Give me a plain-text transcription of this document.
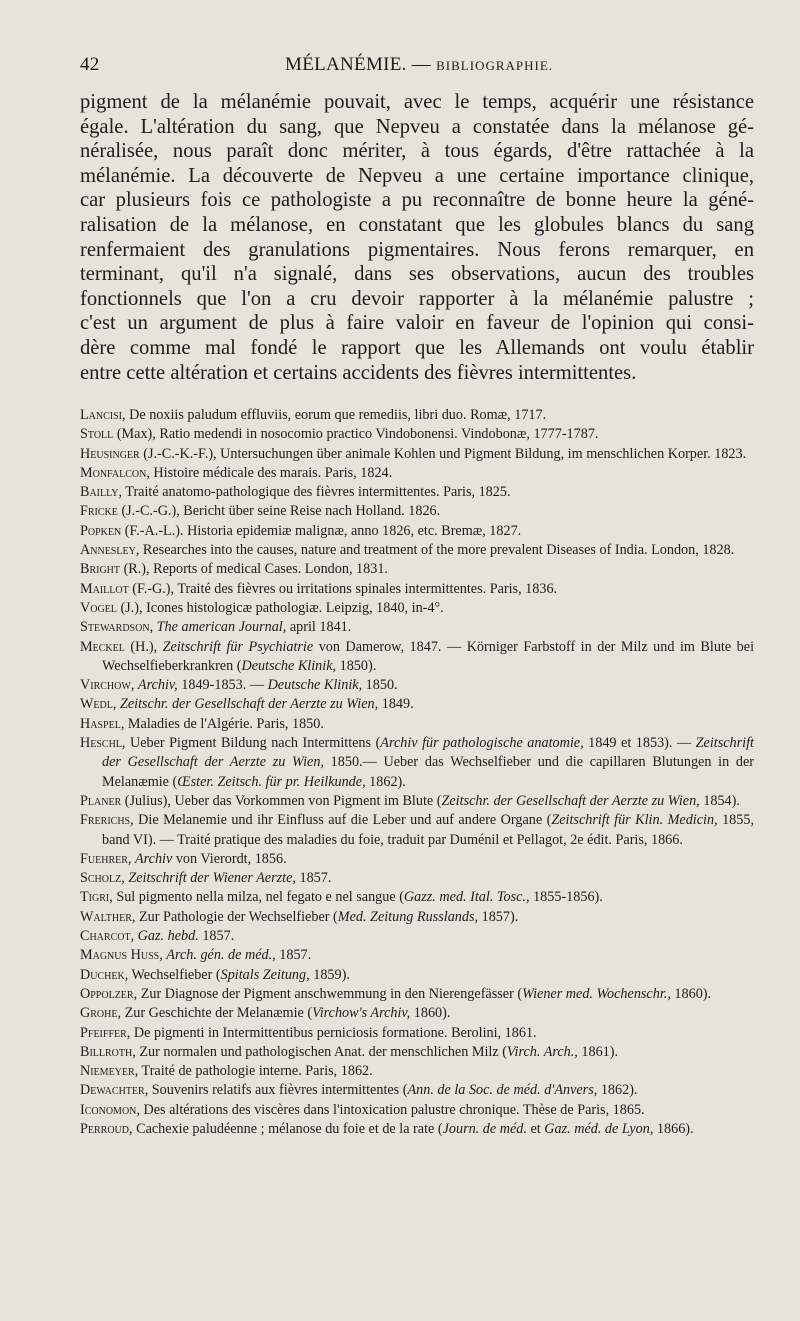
42	MÉLANÉMIE. — BIBLIOGRAPHIE.
pigment de la mélanémie pouvait, avec le temps, acquérir une résistance
égale. L'altération du sang, que Nepveu a constatée dans la mélanose gé-
néralisée, nous paraît donc mériter, à tous égards, d'être rattachée à la
mélanémie. La découverte de Nepveu a une certaine importance clinique,
car plusieurs fois ce pathologiste a pu reconnaître de bonne heure la géné-
ralisation de la mélanose, en constatant que les globules blancs du sang
renfermaient des granulations pigmentaires. Nous ferons remarquer, en
terminant, qu'il n'a signalé, dans ses observations, aucun des troubles
fonctionnels que l'on a cru devoir rapporter à la mélanémie palustre ;
c'est un argument de plus à faire valoir en faveur de l'opinion qui consi-
dère comme mal fondé le rapport que les Allemands ont voulu établir
entre cette altération et certains accidents des fièvres intermittentes.

Lancisi, De noxiis paludum effluviis, eorum que remediis, libri duo. Romæ, 1717.

Stoll (Max), Ratio medendi in nosocomio practico Vindobonensi. Vindobonæ, 1777-1787.

Heusinger (J.-C.-K.-F.), Untersuchungen über animale Kohlen und Pigment Bildung, im menschlichen Korper. 1823.

Monfalcon, Histoire médicale des marais. Paris, 1824.

Bailly, Traité anatomo-pathologique des fièvres intermittentes. Paris, 1825.

Fricke (J.-C.-G.), Bericht über seine Reise nach Holland. 1826.

Popken (F.-A.-L.). Historia epidemiæ malignæ, anno 1826, etc. Bremæ, 1827.

Annesley, Researches into the causes, nature and treatment of the more prevalent Diseases of India. London, 1828.

Bright (R.), Reports of medical Cases. London, 1831.

Maillot (F.-G.), Traité des fièvres ou irritations spinales intermittentes. Paris, 1836.

Vogel (J.), Icones histologicæ pathologiæ. Leipzig, 1840, in-4°.

Stewardson, The american Journal, april 1841.

Meckel (H.), Zeitschrift für Psychiatrie von Damerow, 1847. — Körniger Farbstoff in der Milz und im Blute bei Wechselfieberkrankren (Deutsche Klinik, 1850).

Virchow, Archiv, 1849-1853. — Deutsche Klinik, 1850.

Wedl, Zeitschr. der Gesellschaft der Aerzte zu Wien, 1849.

Haspel, Maladies de l'Algérie. Paris, 1850.

Heschl, Ueber Pigment Bildung nach Intermittens (Archiv für pathologische anatomie, 1849 et 1853). — Zeitschrift der Gesellschaft der Aerzte zu Wien, 1850.— Ueber das Wechselfieber und die capillaren Blutungen in der Melanæmie (Œster. Zeitsch. für pr. Heilkunde, 1862).

Planer (Julius), Ueber das Vorkommen von Pigment im Blute (Zeitschr. der Gesellschaft der Aerzte zu Wien, 1854).

Frerichs, Die Melanemie und ihr Einfluss auf die Leber und auf andere Organe (Zeitschrift für Klin. Medicin, 1855, band VI). — Traité pratique des maladies du foie, traduit par Duménil et Pellagot, 2e édit. Paris, 1866.

Fuehrer, Archiv von Vierordt, 1856.

Scholz, Zeitschrift der Wiener Aerzte, 1857.

Tigri, Sul pigmento nella milza, nel fegato e nel sangue (Gazz. med. Ital. Tosc., 1855-1856).

Walther, Zur Pathologie der Wechselfieber (Med. Zeitung Russlands, 1857).

Charcot, Gaz. hebd. 1857.

Magnus Huss, Arch. gén. de méd., 1857.

Duchek, Wechselfieber (Spitals Zeitung, 1859).

Oppolzer, Zur Diagnose der Pigment anschwemmung in den Nierengefässer (Wiener med. Wochenschr., 1860).

Grohe, Zur Geschichte der Melanæmie (Virchow's Archiv, 1860).

Pfeiffer, De pigmenti in Intermittentibus perniciosis formatione. Berolini, 1861.

Billroth, Zur normalen und pathologischen Anat. der menschlichen Milz (Virch. Arch., 1861).

Niemeyer, Traité de pathologie interne. Paris, 1862.

Dewachter, Souvenirs relatifs aux fièvres intermittentes (Ann. de la Soc. de méd. d'Anvers, 1862).

Iconomon, Des altérations des viscères dans l'intoxication palustre chronique. Thèse de Paris, 1865.

Perroud, Cachexie paludéenne ; mélanose du foie et de la rate (Journ. de méd. et Gaz. méd. de Lyon, 1866).
